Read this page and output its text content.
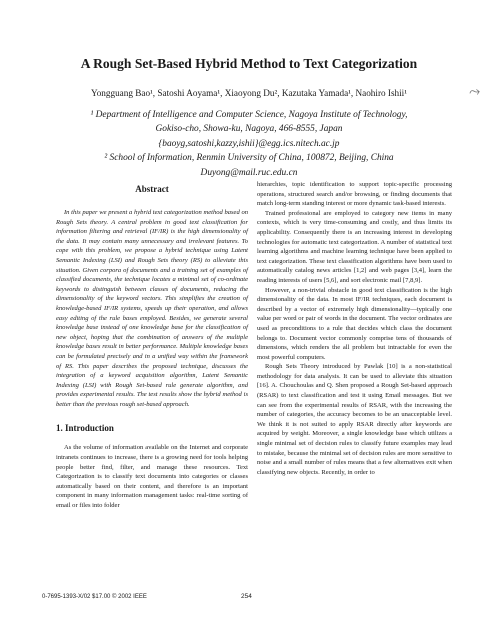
A Rough Set-Based Hybrid Method to Text Categorization
⤳
Yongguang Bao¹, Satoshi Aoyama¹, Xiaoyong Du², Kazutaka Yamada¹, Naohiro Ishii¹
¹ Department of Intelligence and Computer Science, Nagoya Institute of Technology,
Gokiso-cho, Showa-ku, Nagoya, 466-8555, Japan
{baoyg,satoshi,kazzy,ishii}@egg.ics.nitech.ac.jp
² School of Information, Renmin University of China, 100872, Beijing, China
Duyong@mail.ruc.edu.cn
Abstract

In this paper we present a hybrid text categorization method based on Rough Sets theory. A central problem in good text classification for information filtering and retrieval (IF/IR) is the high dimensionality of the data. It may contain many unnecessary and irrelevant features. To cope with this problem, we propose a hybrid technique using Latent Semantic Indexing (LSI) and Rough Sets theory (RS) to alleviate this situation. Given corpora of documents and a training set of examples of classified documents, the technique locates a minimal set of co-ordinate keywords to distinguish between classes of documents, reducing the dimensionality of the keyword vectors. This simplifies the creation of knowledge-based IF/IR systems, speeds up their operation, and allows easy editing of the rule bases employed. Besides, we generate several knowledge base instead of one knowledge base for the classification of new object, hoping that the combination of answers of the multiple knowledge bases result in better performance. Multiple knowledge bases can be formulated precisely and in a unified way within the framework of RS. This paper describes the proposed technique, discusses the integration of a keyword acquisition algorithm, Latent Semantic Indexing (LSI) with Rough Set-based rule generate algorithm, and provides experimental results. The test results show the hybrid method is better than the previous rough set-based approach.

1. Introduction

As the volume of information available on the Internet and corporate intranets continues to increase, there is a growing need for tools helping people better find, filter, and manage these resources. Text Categorization is to classify text documents into categories or classes automatically based on their content, and therefore is an important component in many information management tasks: real-time sorting of email or files into folder

hierarchies, topic identification to support topic-specific processing operations, structured search and/or browsing, or finding documents that match long-term standing interest or more dynamic task-based interests.

Trained professional are employed to category new items in many contexts, which is very time-consuming and costly, and thus limits its applicability. Consequently there is an increasing interest in developing technologies for automatic text categorization. A number of statistical text learning algorithms and machine learning technique have been applied to text categorization. These text classification algorithms have been used to automatically catalog news articles [1,2] and web pages [3,4], learn the reading interests of users [5,6], and sort electronic mail [7,8,9].

However, a non-trivial obstacle in good text classification is the high dimensionality of the data. In most IF/IR techniques, each document is described by a vector of extremely high dimensionality—typically one value per word or pair of words in the document. The vector ordinates are used as preconditions to a rule that decides which class the document belongs to. Document vector commonly comprise tens of thousands of dimensions, which renders the all problem but intractable for even the most powerful computers.

Rough Sets Theory introduced by Pawlak [10] is a non-statistical methodology for data analysis. It can be used to alleviate this situation [16]. A. Chouchoulas and Q. Shen proposed a Rough Set-based approach (RSAR) to text classification and test it using Email messages. But we can see from the experimental results of RSAR, with the increasing the number of categories, the accuracy becomes to be an unacceptable level. We think it is not suited to apply RSAR directly after keywords are acquired by weight. Moreover, a single knowledge base which utilizes a single minimal set of decision rules to classify future examples may lead to mistake, because the minimal set of decision rules are more sensitive to noise and a small number of rules means that a few alternatives exit when classifying new objects. Recently, in order to

0-7695-1393-X/02 $17.00 © 2002 IEEE	254
